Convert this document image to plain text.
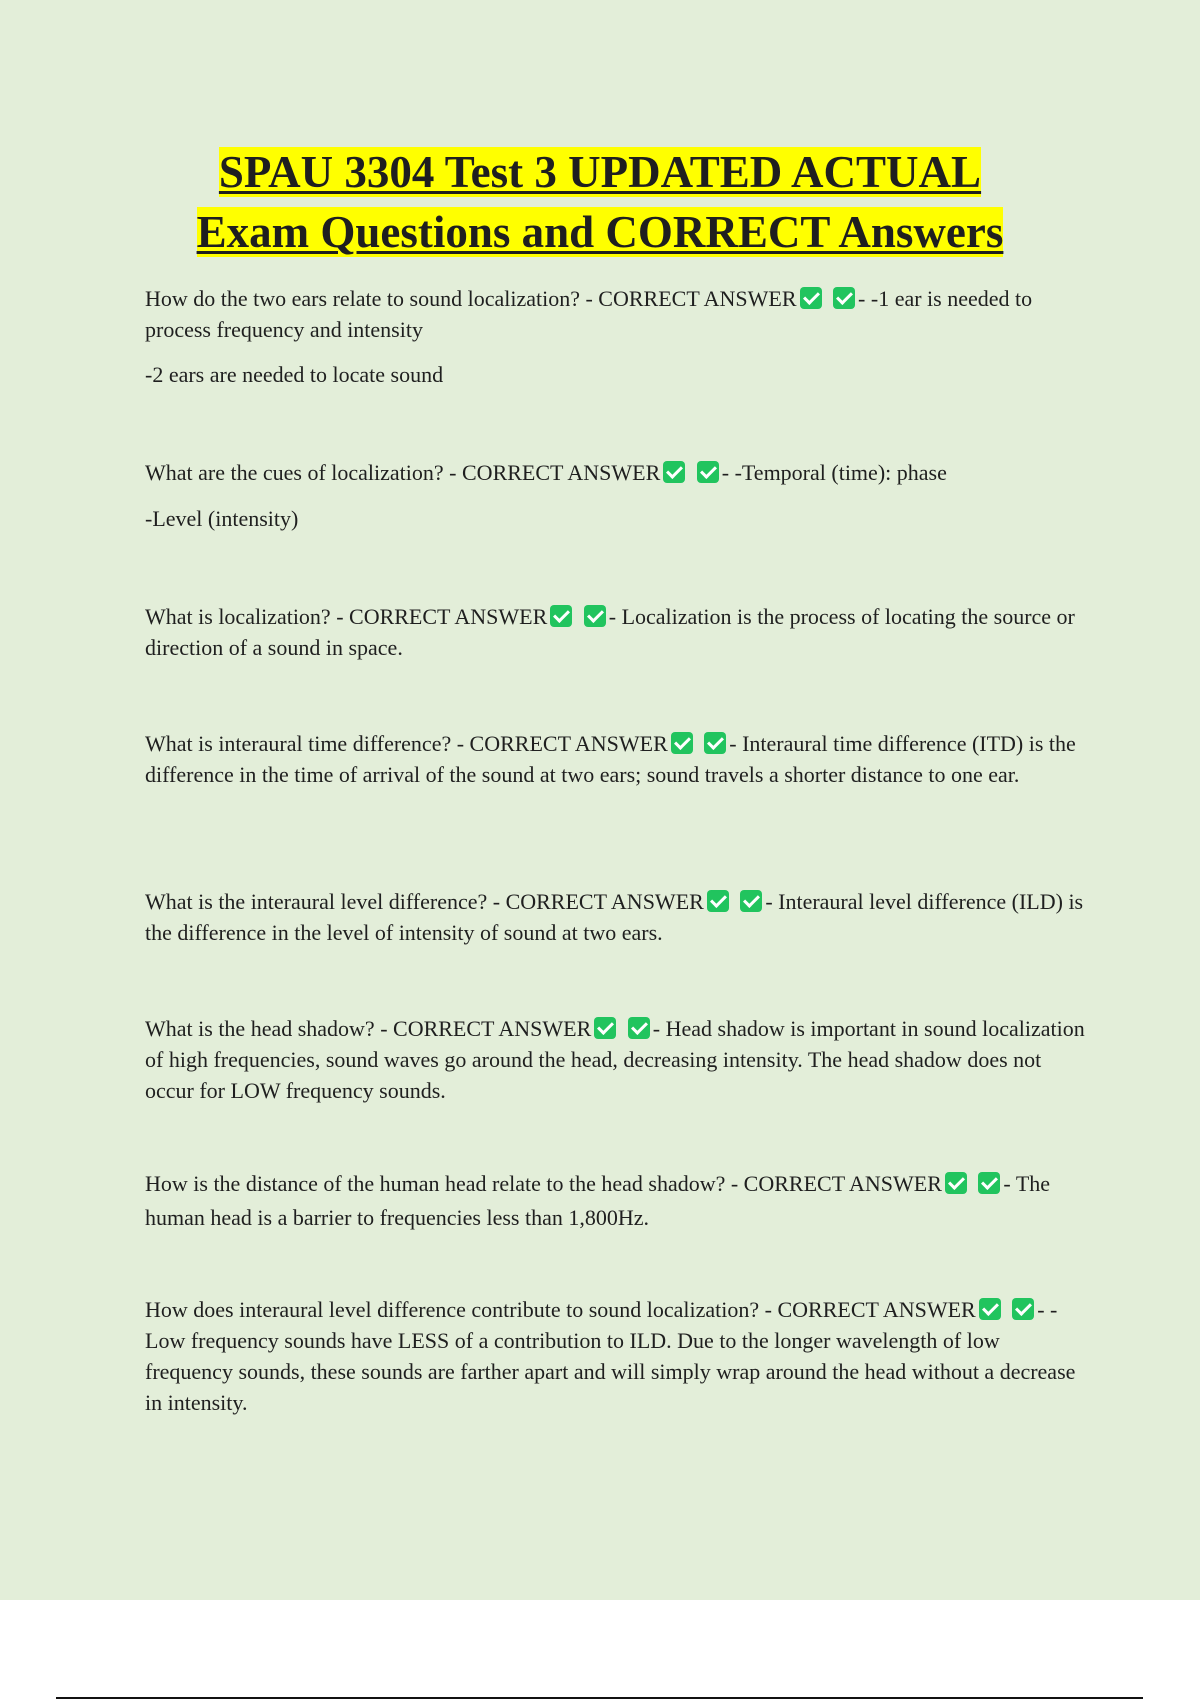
SPAU 3304 Test 3 UPDATED ACTUAL
Exam Questions and CORRECT Answers

How do the two ears relate to sound localization? - CORRECT ANSWER	- -1 ear is needed to process frequency and intensity

-2 ears are needed to locate sound

What are the cues of localization? - CORRECT ANSWER	- -Temporal (time): phase

-Level (intensity)

What is localization? - CORRECT ANSWER	- Localization is the process of locating the source or direction of a sound in space.

What is interaural time difference? - CORRECT ANSWER	- Interaural time difference (ITD) is the difference in the time of arrival of the sound at two ears; sound travels a shorter distance to one ear.

What is the interaural level difference? - CORRECT ANSWER	- Interaural level difference (ILD) is the difference in the level of intensity of sound at two ears.

What is the head shadow? - CORRECT ANSWER	- Head shadow is important in sound localization of high frequencies, sound waves go around the head, decreasing intensity. The head shadow does not occur for LOW frequency sounds.

How is the distance of the human head relate to the head shadow? - CORRECT ANSWER	- The human head is a barrier to frequencies less than 1,800Hz.

How does interaural level difference contribute to sound localization? - CORRECT ANSWER	- -Low frequency sounds have LESS of a contribution to ILD. Due to the longer wavelength of low frequency sounds, these sounds are farther apart and will simply wrap around the head without a decrease in intensity.
